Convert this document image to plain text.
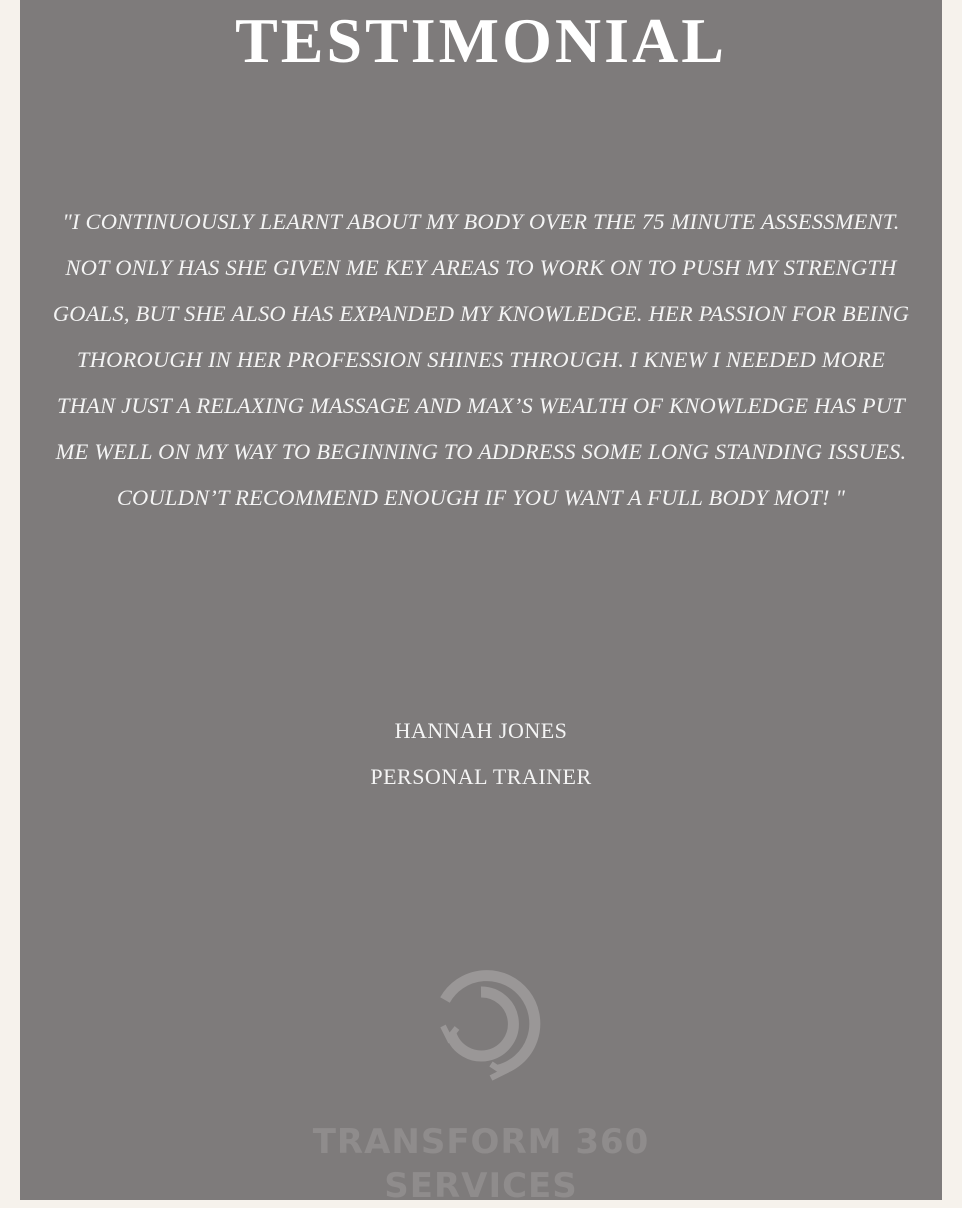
TESTIMONIAL

"I CONTINUOUSLY LEARNT ABOUT MY BODY OVER THE 75 MINUTE ASSESSMENT. NOT ONLY HAS SHE GIVEN ME KEY AREAS TO WORK ON TO PUSH MY STRENGTH GOALS, BUT SHE ALSO HAS EXPANDED MY KNOWLEDGE. HER PASSION FOR BEING THOROUGH IN HER PROFESSION SHINES THROUGH. I KNEW I NEEDED MORE THAN JUST A RELAXING MASSAGE AND MAX’S WEALTH OF KNOWLEDGE HAS PUT ME WELL ON MY WAY TO BEGINNING TO ADDRESS SOME LONG STANDING ISSUES. COULDN’T RECOMMEND ENOUGH IF YOU WANT A FULL BODY MOT! "

HANNAH JONES
PERSONAL TRAINER
TRANSFORM 360
SERVICES
